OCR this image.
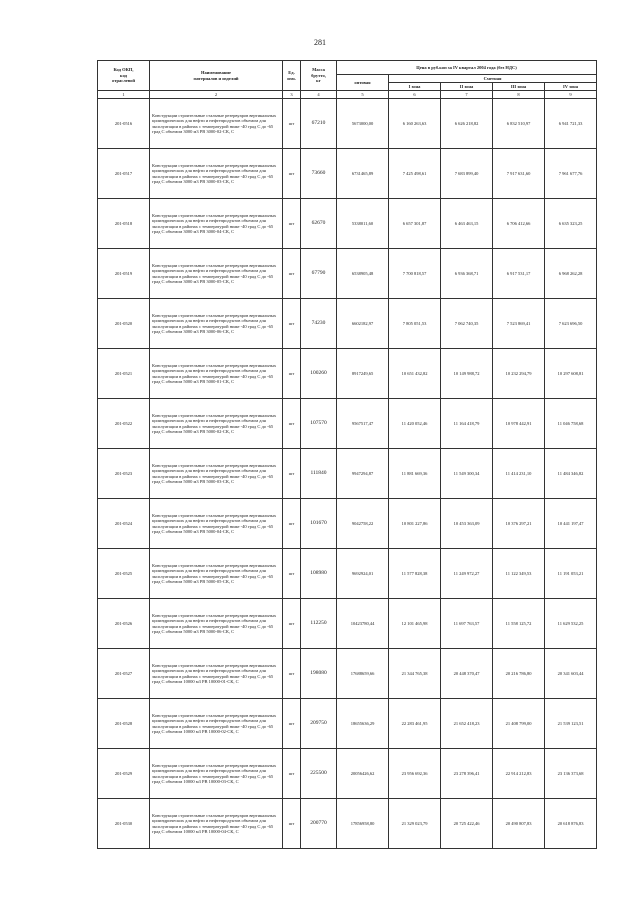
281
Код ОКП,
код
отраслевой	Наименование
материалов и изделий	Ед.
изм.	Масса
брутто,
кг	Цена в руб.коп за IV квартал 2004 года (без НДС)				
				оптовая	Сметная			
					I зона	II зона	III зона	IV зона
1	2	3	4	5	6	7	8	9
201-0516	Конструкции строительные стальные резервуаров вертикальных цилиндрических для нефти и нефтепродуктов объемом для эксплуатации в районах с температурой ниже -40 град С до -65 град С объемом 3000 м3 РВ 3000-02-СК, С	шт	67210	5673000,00	6 160 263,63	6 626 218,82	6 832 510,97	6 941 721,33
201-0517	Конструкции строительные стальные резервуаров вертикальных цилиндрических для нефти и нефтепродуктов объемом для эксплуатации в районах с температурой ниже -40 град С до -65 град С объемом 3000 м3 РВ 3000-03-СК, С	шт	73660	6731465,89	7 425 498,61	7 683 899,40	7 917 631,60	7 961 677,76
201-0518	Конструкции строительные стальные резервуаров вертикальных цилиндрических для нефти и нефтепродуктов объемом для эксплуатации в районах с температурой ниже -40 град С до -65 град С объемом 3000 м3 РВ 3000-04-СК, С	шт	62670	5338011,60	6 657 301,87	6 463 463,15	6 706 412,66	6 635 323,25
201-0519	Конструкции строительные стальные резервуаров вертикальных цилиндрических для нефти и нефтепродуктов объемом для эксплуатации в районах с температурой ниже -40 град С до -65 град С объемом 3000 м3 РВ 3000-05-СК, С	шт	67790	6538905,48	7 700 818,57	6 936 368,71	6 917 531,17	6 968 262,28
201-0520	Конструкции строительные стальные резервуаров вертикальных цилиндрических для нефти и нефтепродуктов объемом для эксплуатации в районах с температурой ниже -40 град С до -65 град С объемом 3000 м3 РВ 3000-06-СК, С	шт	74230	6602182,97	7 805 051,53	7 062 740,35	7 523 869,41	7 623 696,50
201-0521	Конструкции строительные стальные резервуаров вертикальных цилиндрических для нефти и нефтепродуктов объемом для эксплуатации в районах с температурой ниже -40 град С до -65 град С объемом 5000 м3 РВ 5000-01-СК, С	шт	100260	8917249,65	10 651 432,82	10 149 988,72	10 232 294,79	10 297 608,81
201-0522	Конструкции строительные стальные резервуаров вертикальных цилиндрических для нефти и нефтепродуктов объемом для эксплуатации в районах с температурой ниже -40 град С до -65 град С объемом 5000 м3 РВ 5000-02-СК, С	шт	107570	9567517,47	11 420 052,46	11 164 418,79	10 978 442,91	11 046 758,68
201-0523	Конструкции строительные стальные резервуаров вертикальных цилиндрических для нефти и нефтепродуктов объемом для эксплуатации в районах с температурой ниже -40 град С до -65 град С объемом 5000 м3 РВ 5000-03-СК, С	шт	111840	9947294,87	11 881 669,36	11 549 300,34	11 414 231,10	11 484 346,82
201-0524	Конструкции строительные стальные резервуаров вертикальных цилиндрических для нефти и нефтепродуктов объемом для эксплуатации в районах с температурой ниже -40 град С до -65 град С объемом 5000 м3 РВ 5000-04-СК, С	шт	101670	9042758,22	10 801 227,86	10 453 363,09	10 376 297,21	10 441 197,47
201-0525	Конструкции строительные стальные резервуаров вертикальных цилиндрических для нефти и нефтепродуктов объемом для эксплуатации в районах с температурой ниже -40 град С до -65 град С объемом 5000 м3 РВ 5000-05-СК, С	шт	108980	9692924,01	11 577 828,38	11 249 972,27	11 122 349,53	11 191 053,21
201-0526	Конструкции строительные стальные резервуаров вертикальных цилиндрических для нефти и нефтепродуктов объемом для эксплуатации в районах с температурой ниже -40 град С до -65 град С объемом 5000 м3 РВ 5000-06-СК, С	шт	112250	10423780,44	12 101 465,98	11 697 763,57	11 558 125,72	11 629 532,25
201-0527	Конструкции строительные стальные резервуаров вертикальных цилиндрических для нефти и нефтепродуктов объемом для эксплуатации в районах с температурой ниже -40 град С до -65 град С объемом 10000 м3 РВ 10000-01-СК, С	шт	198080	17688659,66	21 344 765,38	20 448 370,47	20 216 786,80	20 341 603,44
201-0528	Конструкции строительные стальные резервуаров вертикальных цилиндрических для нефти и нефтепродуктов объемом для эксплуатации в районах с температурой ниже -40 град С до -65 град С объемом 10000 м3 РВ 10000-02-СК, С	шт	209750	18655636,29	22 283 461,95	21 652 418,23	21 408 799,00	21 539 123,51
201-0529	Конструкции строительные стальные резервуаров вертикальных цилиндрических для нефти и нефтепродуктов объемом для эксплуатации в районах с температурой ниже -40 град С до -65 град С объемом 10000 м3 РВ 10000-03-СК, С	шт	225500	20056426,62	23 956 692,36	23 278 396,41	22 914 212,83	23 136 373,68
201-0530	Конструкции строительные стальные резервуаров вертикальных цилиндрических для нефти и нефтепродуктов объемом для эксплуатации в районах с температурой ниже -40 град С до -65 град С объемом 10000 м3 РВ 10000-04-СК, С	шт	200770	17856958,80	21 329 023,79	20 725 422,46	20 490 807,83	20 618 876,83
